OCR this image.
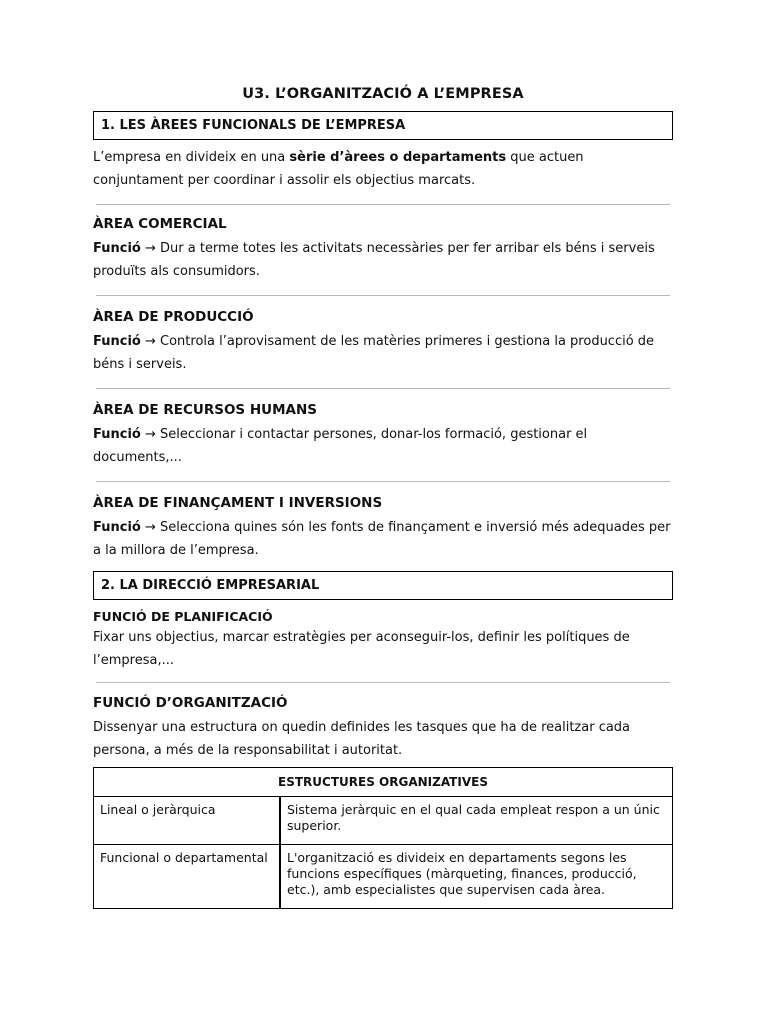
U3. L’ORGANITZACIÓ A L’EMPRESA
1. LES ÀREES FUNCIONALS DE L’EMPRESA

L’empresa en divideix en una sèrie d’àrees o departaments que actuen conjuntament per coordinar i assolir els objectius marcats.

ÀREA COMERCIAL

Funció → Dur a terme totes les activitats necessàries per fer arribar els béns i serveis produïts als consumidors.

ÀREA DE PRODUCCIÓ

Funció → Controla l’aprovisament de les matèries primeres i gestiona la producció de béns i serveis.

ÀREA DE RECURSOS HUMANS

Funció → Seleccionar i contactar persones, donar-los formació, gestionar el documents,...

ÀREA DE FINANÇAMENT I INVERSIONS

Funció → Selecciona quines són les fonts de finançament e inversió més adequades per a la millora de l’empresa.

2. LA DIRECCIÓ EMPRESARIAL
FUNCIÓ DE PLANIFICACIÓ

Fixar uns objectius, marcar estratègies per aconseguir-los, definir les polítiques de l’empresa,...

FUNCIÓ D’ORGANITZACIÓ

Dissenyar una estructura on quedin definides les tasques que ha de realitzar cada persona, a més de la responsabilitat i autoritat.

ESTRUCTURES ORGANIZATIVES	
Lineal o jeràrquica	Sistema jeràrquic en el qual cada empleat respon a un únic superior.
Funcional o departamental	L'organització es divideix en departaments segons les funcions específiques (màrqueting, finances, producció, etc.), amb especialistes que supervisen cada àrea.
